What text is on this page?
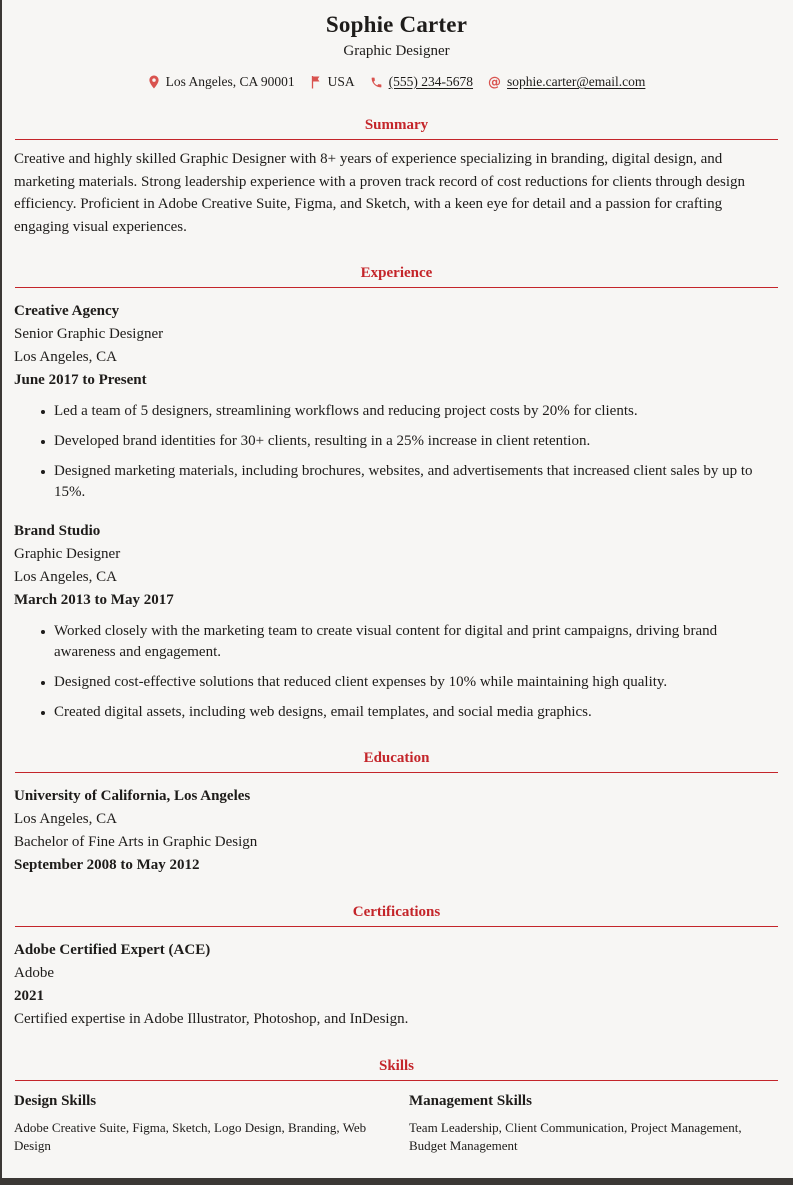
Sophie Carter
Graphic Designer
Los Angeles, CA 90001 USA	(555) 234-5678 @ sophie.carter@email.com
Summary

Creative and highly skilled Graphic Designer with 8+ years of experience specializing in branding, digital design, and marketing materials. Strong leadership experience with a proven track record of cost reductions for clients through design efficiency. Proficient in Adobe Creative Suite, Figma, and Sketch, with a keen eye for detail and a passion for crafting engaging visual experiences.

Experience

Creative Agency

Senior Graphic Designer

Los Angeles, CA

June 2017 to Present

Led a team of 5 designers, streamlining workflows and reducing project costs by 20% for clients.
Developed brand identities for 30+ clients, resulting in a 25% increase in client retention.
Designed marketing materials, including brochures, websites, and advertisements that increased client sales by up to 15%.

Brand Studio

Graphic Designer

Los Angeles, CA

March 2013 to May 2017

Worked closely with the marketing team to create visual content for digital and print campaigns, driving brand awareness and engagement.
Designed cost-effective solutions that reduced client expenses by 10% while maintaining high quality.
Created digital assets, including web designs, email templates, and social media graphics.
Education

University of California, Los Angeles

Los Angeles, CA

Bachelor of Fine Arts in Graphic Design

September 2008 to May 2012

Certifications

Adobe Certified Expert (ACE)

Adobe

2021

Certified expertise in Adobe Illustrator, Photoshop, and InDesign.

Skills
Design Skills

Adobe Creative Suite, Figma, Sketch, Logo Design, Branding, Web Design

Management Skills

Team Leadership, Client Communication, Project Management, Budget Management
